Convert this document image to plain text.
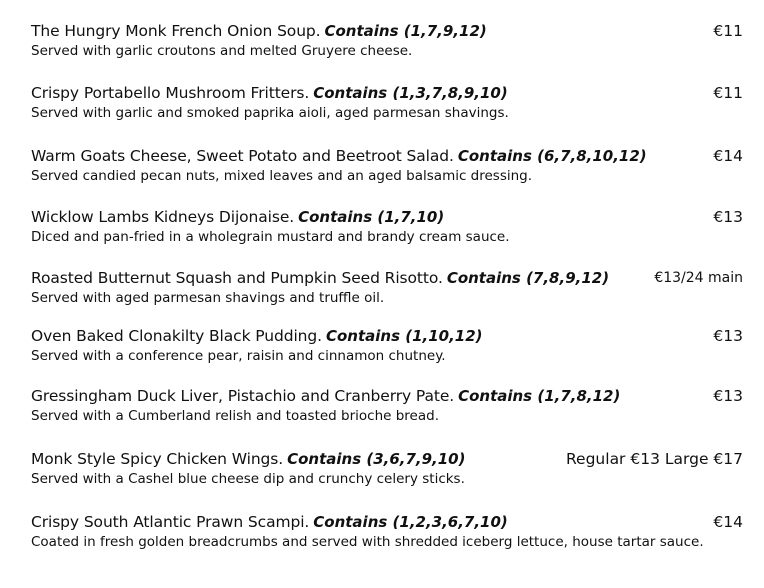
The Hungry Monk French Onion Soup. Contains (1,7,9,12)	€11
Served with garlic croutons and melted Gruyere cheese.
Crispy Portabello Mushroom Fritters. Contains (1,3,7,8,9,10)	€11
Served with garlic and smoked paprika aioli, aged parmesan shavings.
Warm Goats Cheese, Sweet Potato and Beetroot Salad. Contains (6,7,8,10,12)	€14
Served candied pecan nuts, mixed leaves and an aged balsamic dressing.
Wicklow Lambs Kidneys Dijonaise. Contains (1,7,10)	€13
Diced and pan-fried in a wholegrain mustard and brandy cream sauce.
Roasted Butternut Squash and Pumpkin Seed Risotto. Contains (7,8,9,12)	€13/24 main
Served with aged parmesan shavings and truffle oil.
Oven Baked Clonakilty Black Pudding. Contains (1,10,12)	€13
Served with a conference pear, raisin and cinnamon chutney.
Gressingham Duck Liver, Pistachio and Cranberry Pate. Contains (1,7,8,12)	€13
Served with a Cumberland relish and toasted brioche bread.
Monk Style Spicy Chicken Wings. Contains (3,6,7,9,10)	Regular €13 Large €17
Served with a Cashel blue cheese dip and crunchy celery sticks.
Crispy South Atlantic Prawn Scampi. Contains (1,2,3,6,7,10)	€14
Coated in fresh golden breadcrumbs and served with shredded iceberg lettuce, house tartar sauce.
